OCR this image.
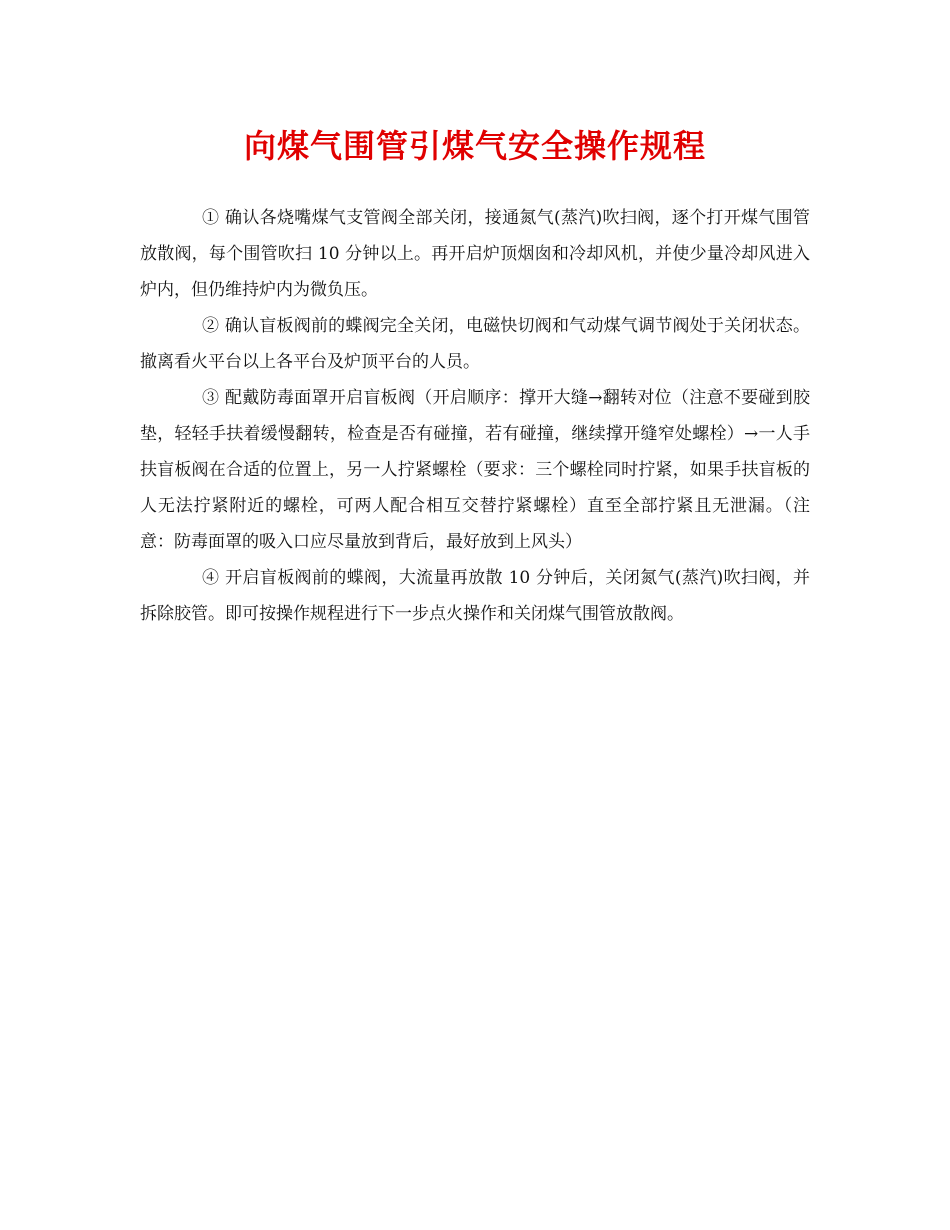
向煤气围管引煤气安全操作规程

① 确认各烧嘴煤气支管阀全部关闭，接通氮气(蒸汽)吹扫阀，逐个打开煤气围管放散阀，每个围管吹扫 10 分钟以上。再开启炉顶烟囱和冷却风机，并使少量冷却风进入炉内，但仍维持炉内为微负压。

② 确认盲板阀前的蝶阀完全关闭，电磁快切阀和气动煤气调节阀处于关闭状态。撤离看火平台以上各平台及炉顶平台的人员。

③ 配戴防毒面罩开启盲板阀（开启顺序：撑开大缝→翻转对位（注意不要碰到胶垫，轻轻手扶着缓慢翻转，检查是否有碰撞，若有碰撞，继续撑开缝窄处螺栓）→一人手扶盲板阀在合适的位置上，另一人拧紧螺栓（要求：三个螺栓同时拧紧，如果手扶盲板的人无法拧紧附近的螺栓，可两人配合相互交替拧紧螺栓）直至全部拧紧且无泄漏。（注意：防毒面罩的吸入口应尽量放到背后，最好放到上风头）

④ 开启盲板阀前的蝶阀，大流量再放散 10 分钟后，关闭氮气(蒸汽)吹扫阀，并拆除胶管。即可按操作规程进行下一步点火操作和关闭煤气围管放散阀。
